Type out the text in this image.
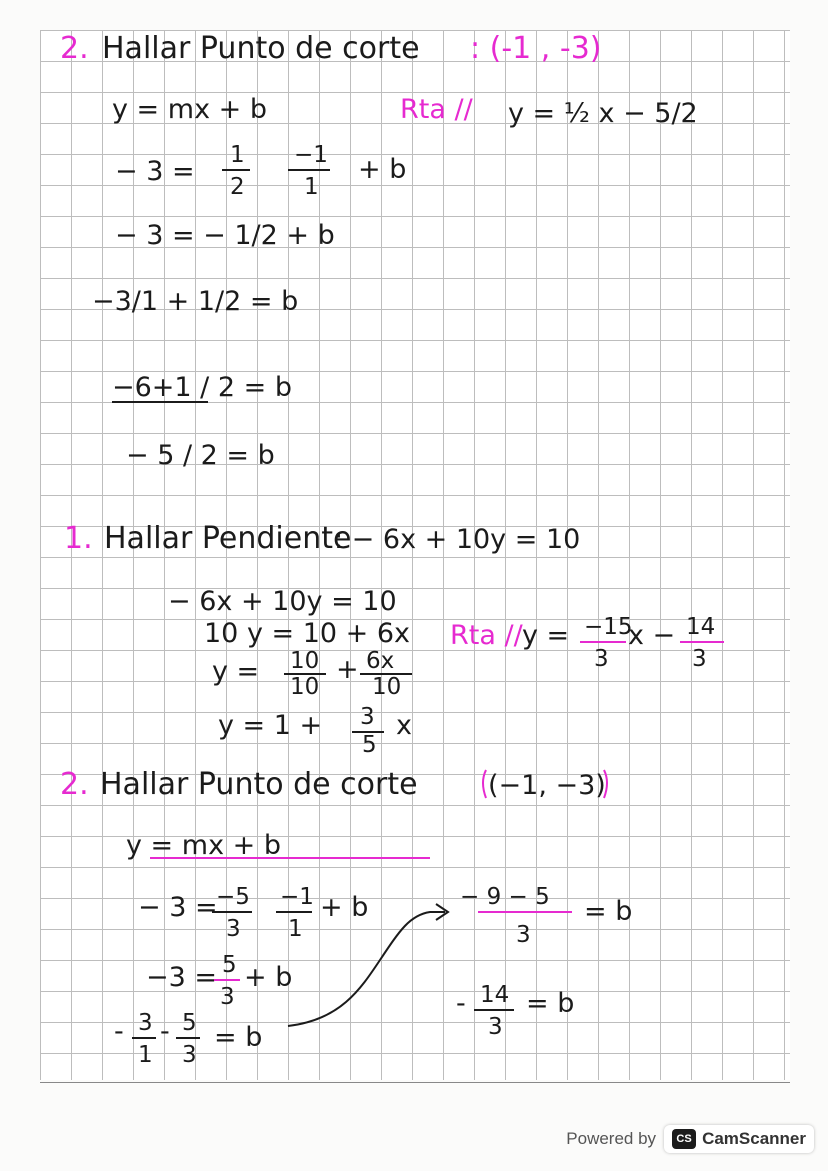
2. Hallar Punto de corte : (-1 , -3)
y = mx + b	Rta // y = ½ x − 5/2
− 3 =
1
2
−1
1
+ b
− 3 = − 1/2 + b
−3/1 + 1/2 = b
−6+1 / 2 = b
− 5 / 2 = b
1. Hallar Pendiente
: − 6x + 10y = 10
− 6x + 10y = 10
10 y = 10 + 6x
y = 10
10
+ 6x
10
y = 1 + 3
5
x
Rta // y = −15
3
x − 14
3
2. Hallar Punto de corte	(−1, −3)
y = mx + b
− 3 =
−5
3
−1
1
+ b
−3 = 5
3
+ b
- 3
1
- 5
3
= b
− 9 − 5
3
= b
- 14
3
= b
Powered by	CS CamScanner
